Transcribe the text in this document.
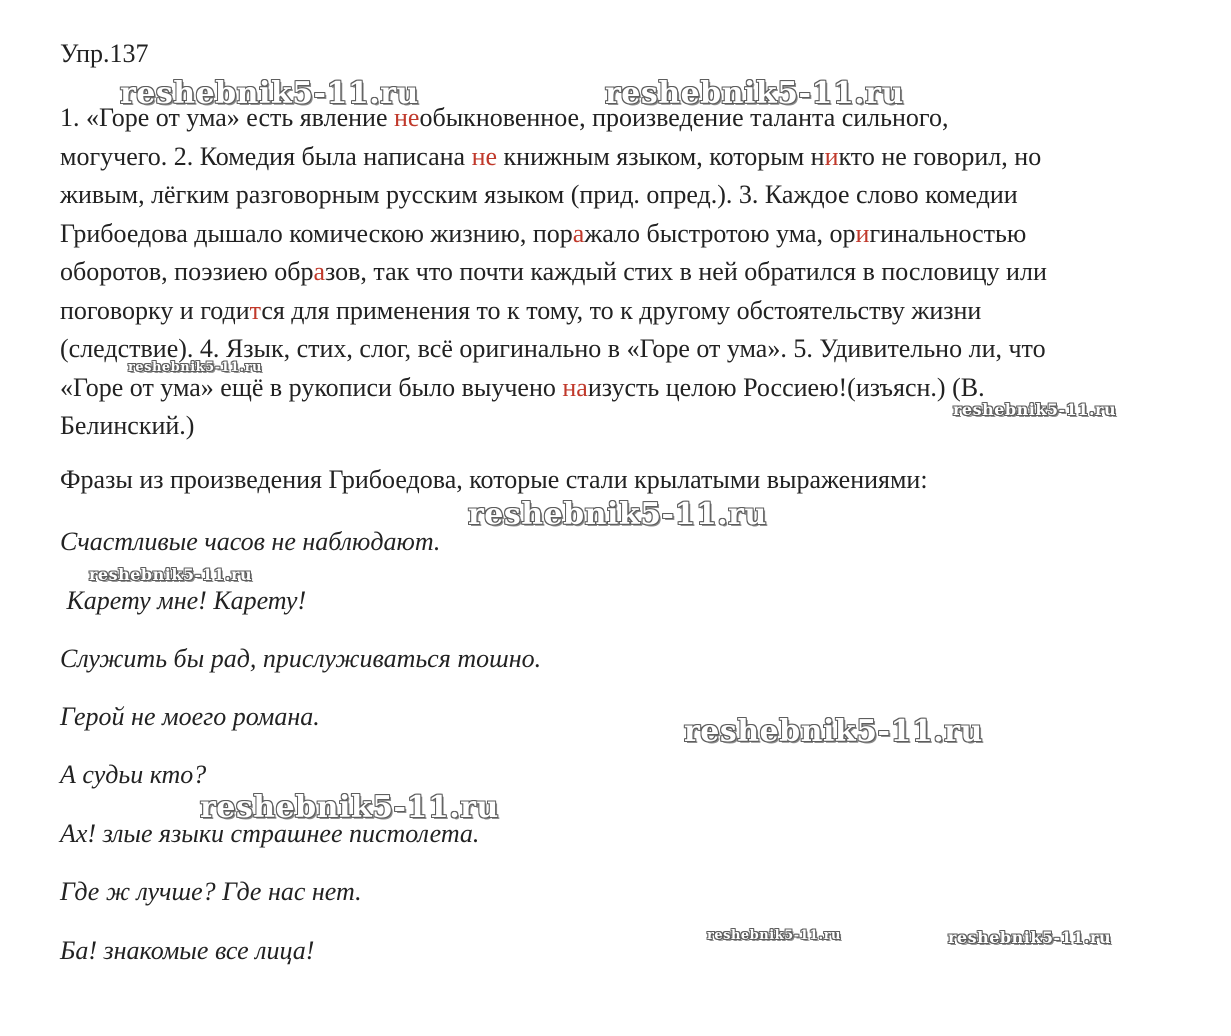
Упр.137
1. «Горе от ума» есть явление необыкновенное, произведение таланта сильного,
могучего. 2. Комедия была написана не книжным языком, которым никто не говорил, но
живым, лёгким разговорным русским языком (прид. опред.). 3. Каждое слово комедии
Грибоедова дышало комическою жизнию, поражало быстротою ума, оригинальностью
оборотов, поэзиею образов, так что почти каждый стих в ней обратился в пословицу или
поговорку и годится для применения то к тому, то к другому обстоятельству жизни
(следствие). 4. Язык, стих, слог, всё оригинально в «Горе от ума». 5. Удивительно ли, что
«Горе от ума» ещё в рукописи было выучено наизусть целою Россиею!(изъясн.) (В.
Белинский.)
Фразы из произведения Грибоедова, которые стали крылатыми выражениями:
Счастливые часов не наблюдают.
Карету мне! Карету!
Служить бы рад, прислуживаться тошно.
Герой не моего романа.
А судьи кто?
Ах! злые языки страшнее пистолета.
Где ж лучше? Где нас нет.
Ба! знакомые все лица!
reshebnik5-11.ru	reshebnik5-11.ru
reshebnik5-11.ru
reshebnik5-11.ru
reshebnik5-11.ru
reshebnik5-11.ru
reshebnik5-11.ru
reshebnik5-11.ru
reshebnik5-11.ru	reshebnik5-11.ru
